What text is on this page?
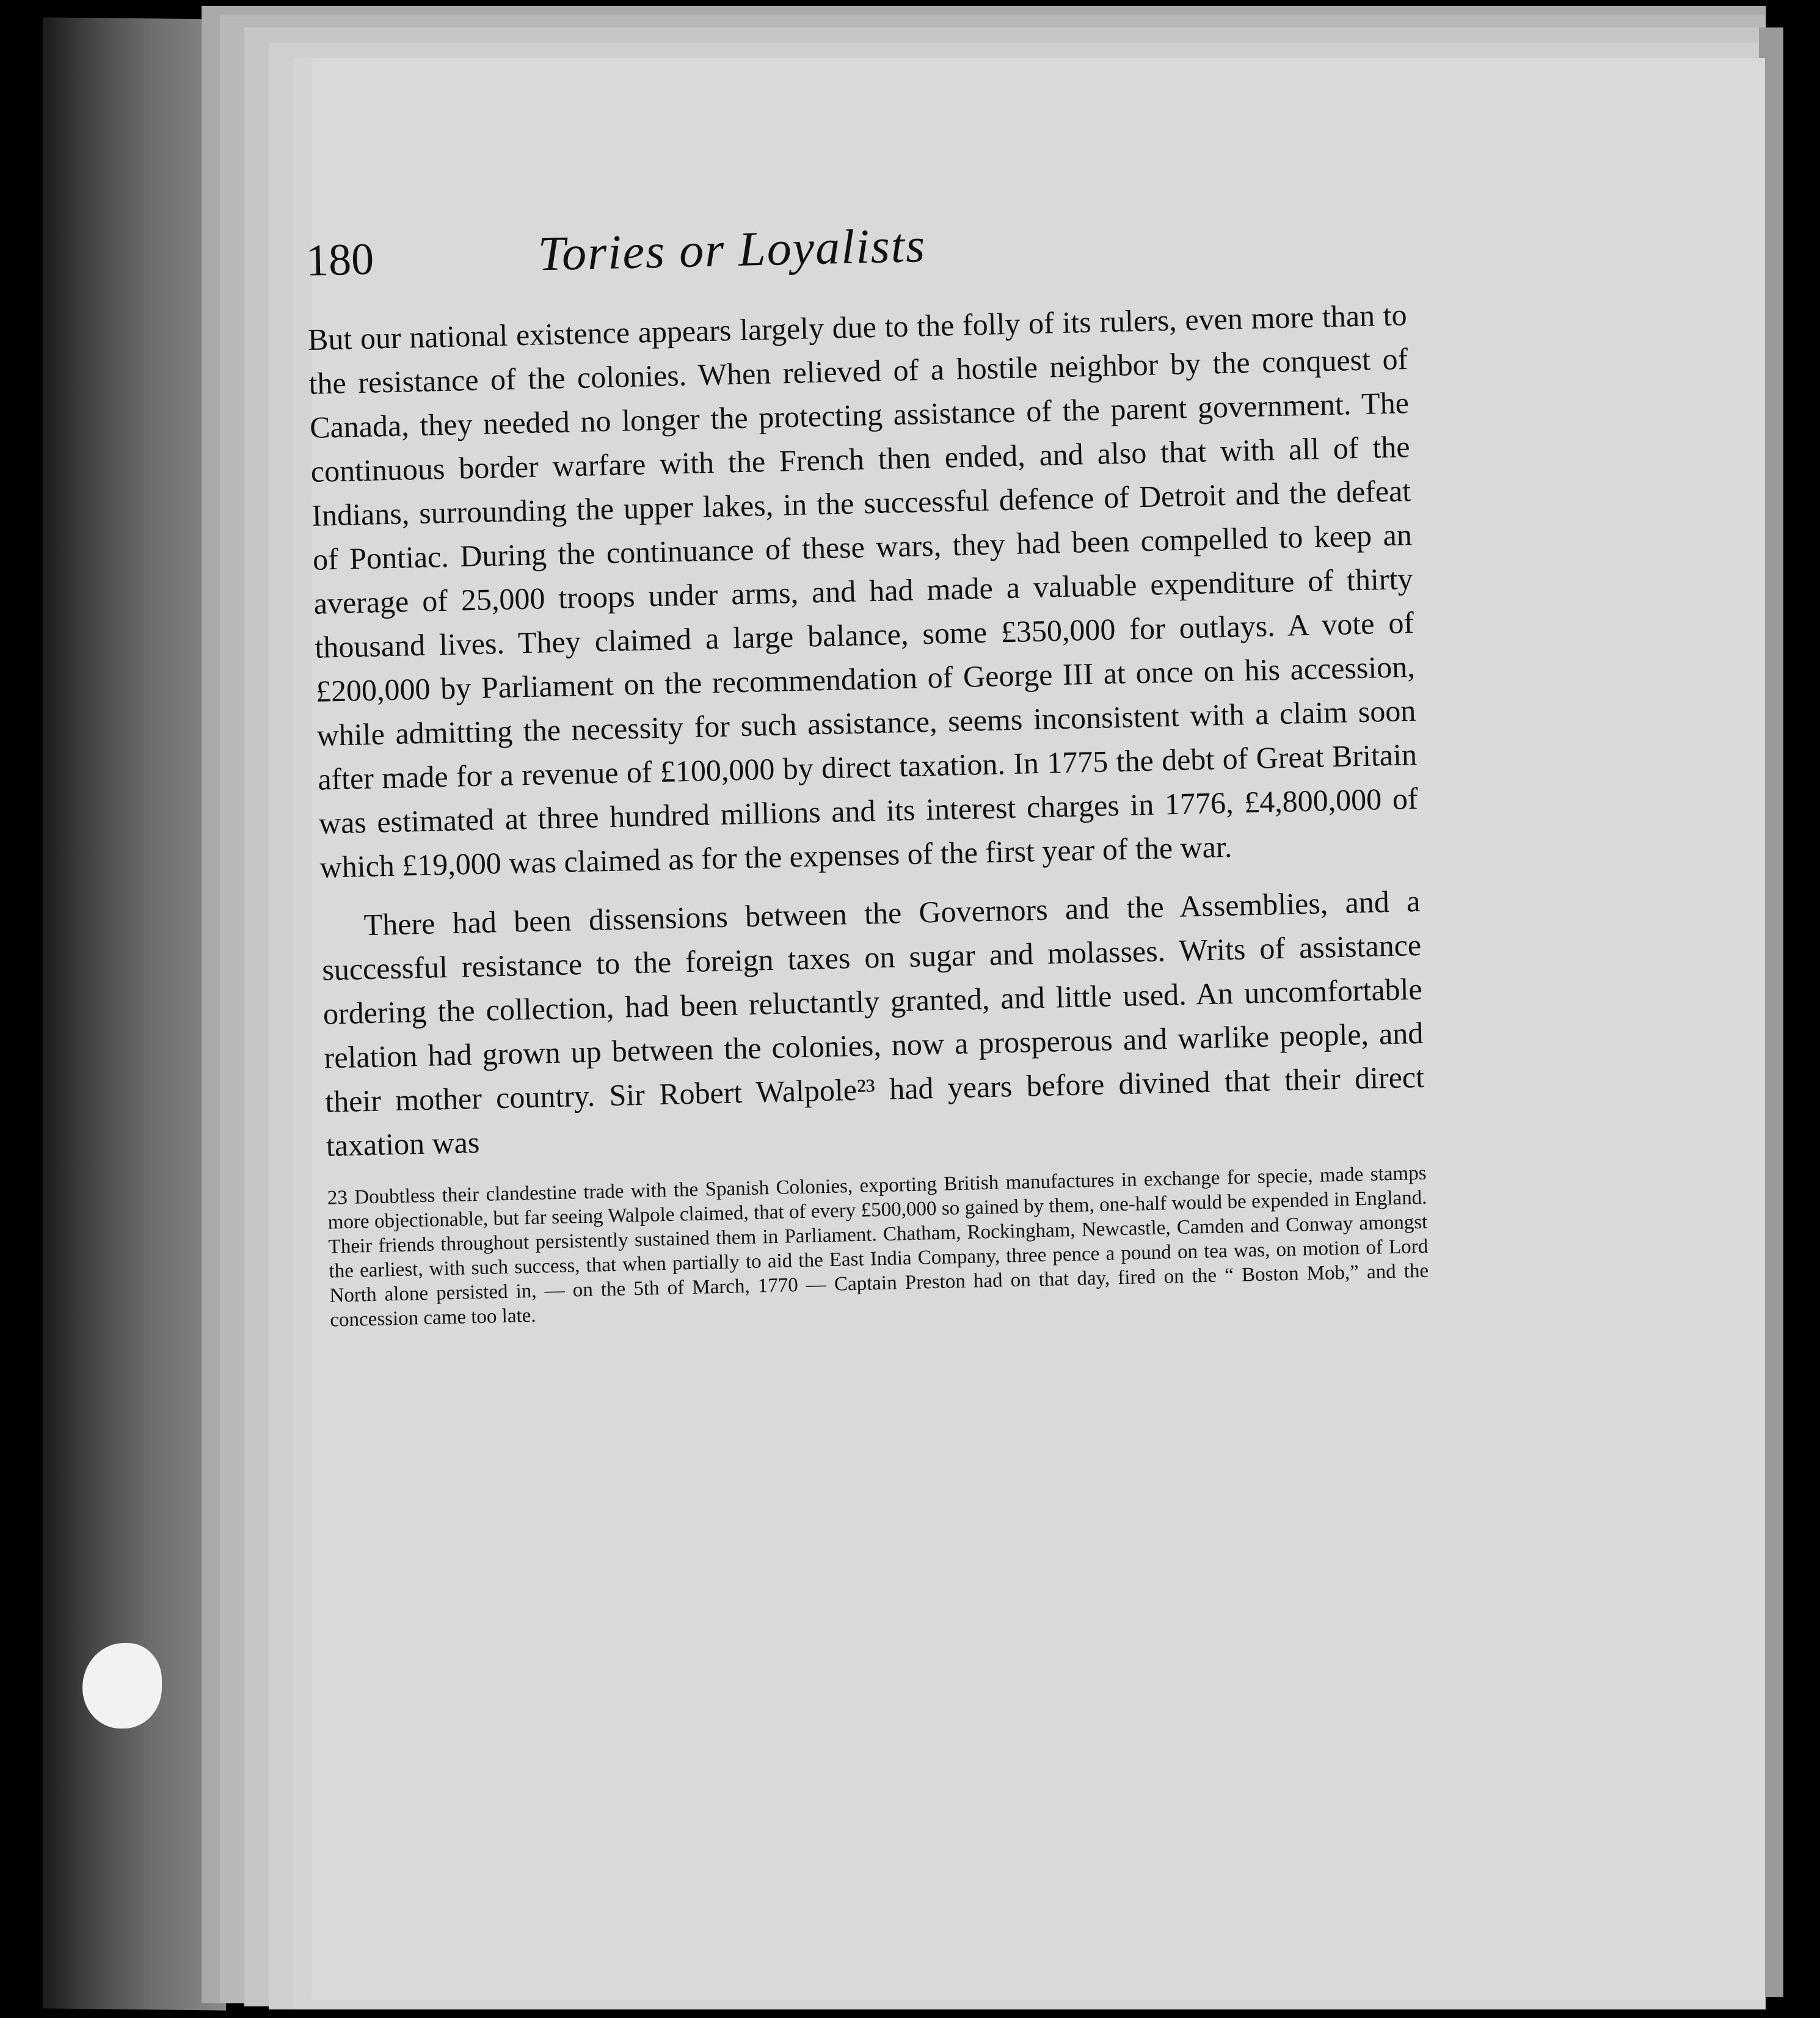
180	Tories or Loyalists

But our national existence appears largely due to the folly of its rulers, even more than to the resistance of the colonies. When relieved of a hostile neighbor by the conquest of Canada, they needed no longer the protecting assistance of the parent government. The continuous border warfare with the French then ended, and also that with all of the Indians, surrounding the upper lakes, in the successful defence of Detroit and the defeat of Pontiac. During the continuance of these wars, they had been compelled to keep an average of 25,000 troops under arms, and had made a valuable expenditure of thirty thousand lives. They claimed a large balance, some £350,000 for outlays. A vote of £200,000 by Parliament on the recommendation of George III at once on his accession, while admitting the necessity for such assistance, seems inconsistent with a claim soon after made for a revenue of £100,000 by direct taxation. In 1775 the debt of Great Britain was estimated at three hundred millions and its interest charges in 1776, £4,800,000 of which £19,000 was claimed as for the expenses of the first year of the war.

There had been dissensions between the Governors and the Assemblies, and a successful resistance to the foreign taxes on sugar and molasses. Writs of assistance ordering the collection, had been reluctantly granted, and little used. An uncomfortable relation had grown up between the colonies, now a prosperous and warlike people, and their mother country. Sir Robert Walpole²³ had years before divined that their direct taxation was

23 Doubtless their clandestine trade with the Spanish Colonies, exporting British manufactures in exchange for specie, made stamps more objectionable, but far seeing Walpole claimed, that of every £500,000 so gained by them, one-half would be expended in England. Their friends throughout persistently sustained them in Parliament. Chatham, Rockingham, Newcastle, Camden and Conway amongst the earliest, with such success, that when partially to aid the East India Company, three pence a pound on tea was, on motion of Lord North alone persisted in, — on the 5th of March, 1770 — Captain Preston had on that day, fired on the “ Boston Mob,” and the concession came too late.
